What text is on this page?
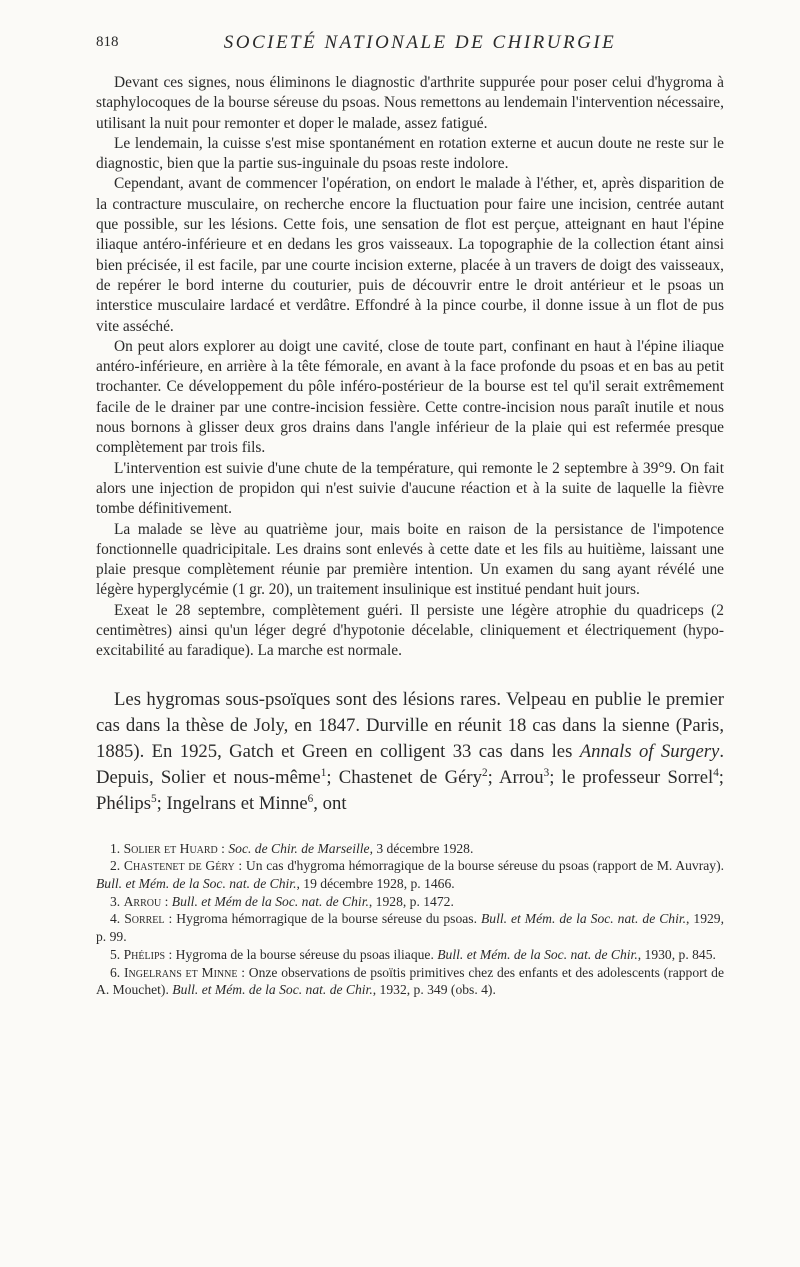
818	SOCIETÉ NATIONALE DE CHIRURGIE

Devant ces signes, nous éliminons le diagnostic d'arthrite suppurée pour poser celui d'hygroma à staphylocoques de la bourse séreuse du psoas. Nous remettons au lendemain l'intervention nécessaire, utilisant la nuit pour remonter et doper le malade, assez fatigué.

Le lendemain, la cuisse s'est mise spontanément en rotation externe et aucun doute ne reste sur le diagnostic, bien que la partie sus-inguinale du psoas reste indolore.

Cependant, avant de commencer l'opération, on endort le malade à l'éther, et, après disparition de la contracture musculaire, on recherche encore la fluctuation pour faire une incision, centrée autant que possible, sur les lésions. Cette fois, une sensation de flot est perçue, atteignant en haut l'épine iliaque antéro-inférieure et en dedans les gros vaisseaux. La topographie de la collection étant ainsi bien précisée, il est facile, par une courte incision externe, placée à un travers de doigt des vaisseaux, de repérer le bord interne du couturier, puis de découvrir entre le droit antérieur et le psoas un interstice musculaire lardacé et verdâtre. Effondré à la pince courbe, il donne issue à un flot de pus vite asséché.

On peut alors explorer au doigt une cavité, close de toute part, confinant en haut à l'épine iliaque antéro-inférieure, en arrière à la tête fémorale, en avant à la face profonde du psoas et en bas au petit trochanter. Ce développement du pôle inféro-postérieur de la bourse est tel qu'il serait extrêmement facile de le drainer par une contre-incision fessière. Cette contre-incision nous paraît inutile et nous nous bornons à glisser deux gros drains dans l'angle inférieur de la plaie qui est refermée presque complètement par trois fils.

L'intervention est suivie d'une chute de la température, qui remonte le 2 septembre à 39°9. On fait alors une injection de propidon qui n'est suivie d'aucune réaction et à la suite de laquelle la fièvre tombe définitivement.

La malade se lève au quatrième jour, mais boite en raison de la persistance de l'impotence fonctionnelle quadricipitale. Les drains sont enlevés à cette date et les fils au huitième, laissant une plaie presque complètement réunie par première intention. Un examen du sang ayant révélé une légère hyperglycémie (1 gr. 20), un traitement insulinique est institué pendant huit jours.

Exeat le 28 septembre, complètement guéri. Il persiste une légère atrophie du quadriceps (2 centimètres) ainsi qu'un léger degré d'hypotonie décelable, cliniquement et électriquement (hypo-excitabilité au faradique). La marche est normale.

Les hygromas sous-psoïques sont des lésions rares. Velpeau en publie le premier cas dans la thèse de Joly, en 1847. Durville en réunit 18 cas dans la sienne (Paris, 1885). En 1925, Gatch et Green en colligent 33 cas dans les Annals of Surgery. Depuis, Solier et nous-même$^1$; Chastenet de Géry$^2$; Arrou$^3$; le professeur Sorrel$^4$; Phélips$^5$; Ingelrans et Minne$^6$, ont

1. Solier et Huard : Soc. de Chir. de Marseille, 3 décembre 1928.

2. Chastenet de Géry : Un cas d'hygroma hémorragique de la bourse séreuse du psoas (rapport de M. Auvray). Bull. et Mém. de la Soc. nat. de Chir., 19 décembre 1928, p. 1466.

3. Arrou : Bull. et Mém de la Soc. nat. de Chir., 1928, p. 1472.

4. Sorrel : Hygroma hémorragique de la bourse séreuse du psoas. Bull. et Mém. de la Soc. nat. de Chir., 1929, p. 99.

5. Phélips : Hygroma de la bourse séreuse du psoas iliaque. Bull. et Mém. de la Soc. nat. de Chir., 1930, p. 845.

6. Ingelrans et Minne : Onze observations de psoïtis primitives chez des enfants et des adolescents (rapport de A. Mouchet). Bull. et Mém. de la Soc. nat. de Chir., 1932, p. 349 (obs. 4).
